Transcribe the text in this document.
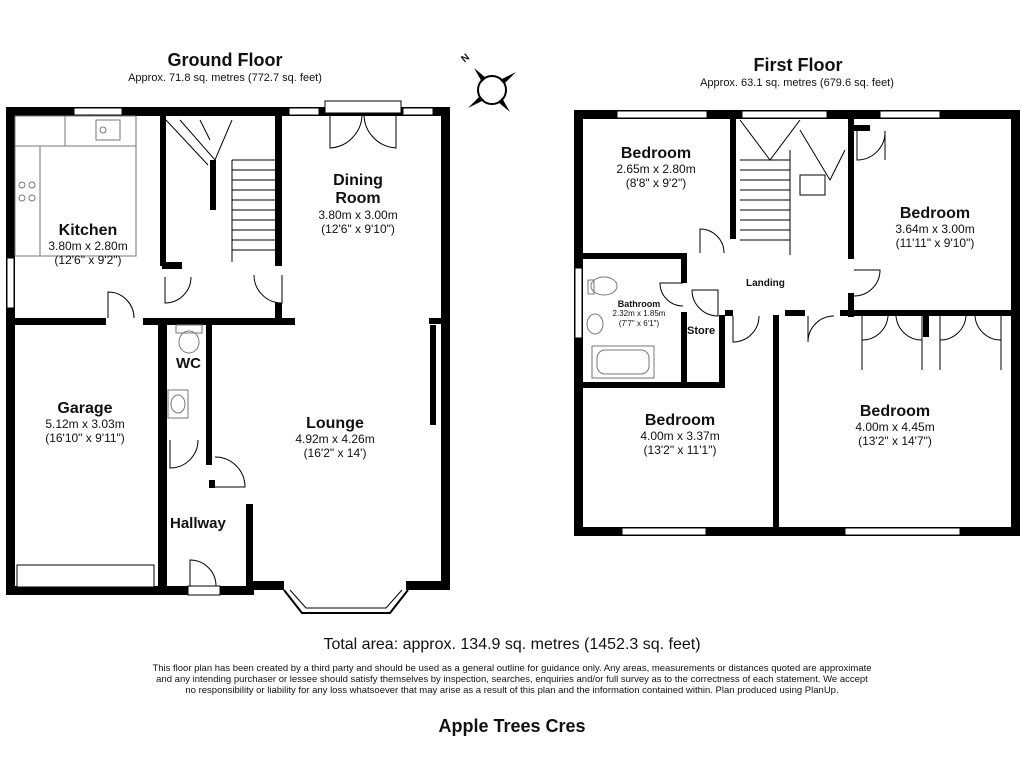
Ground Floor
Approx. 71.8 sq. metres (772.7 sq. feet)
First Floor
Approx. 63.1 sq. metres (679.6 sq. feet)
N
Kitchen
3.80m x 2.80m
(12'6" x 9'2")
Dining
Room
3.80m x 3.00m
(12'6" x 9'10")
Garage
5.12m x 3.03m
(16'10" x 9'11")
Lounge
4.92m x 4.26m
(16'2" x 14')
WC
Hallway
Bedroom
2.65m x 2.80m
(8'8" x 9'2")
Bedroom
3.64m x 3.00m
(11'11" x 9'10")
Bathroom
2.32m x 1.85m
(7'7" x 6'1")
Landing
Store
Bedroom
4.00m x 3.37m
(13'2" x 11'1")
Bedroom
4.00m x 4.45m
(13'2" x 14'7")
Total area: approx. 134.9 sq. metres (1452.3 sq. feet)
This floor plan has been created by a third party and should be used as a general outline for guidance only. Any areas, measurements or distances quoted are approximate and any intending purchaser or lessee should satisfy themselves by inspection, searches, enquiries and/or full survey as to the correctness of each statement. We accept no responsibility or liability for any loss whatsoever that may arise as a result of this plan and the information contained within. Plan produced using PlanUp.
Apple Trees Cres
